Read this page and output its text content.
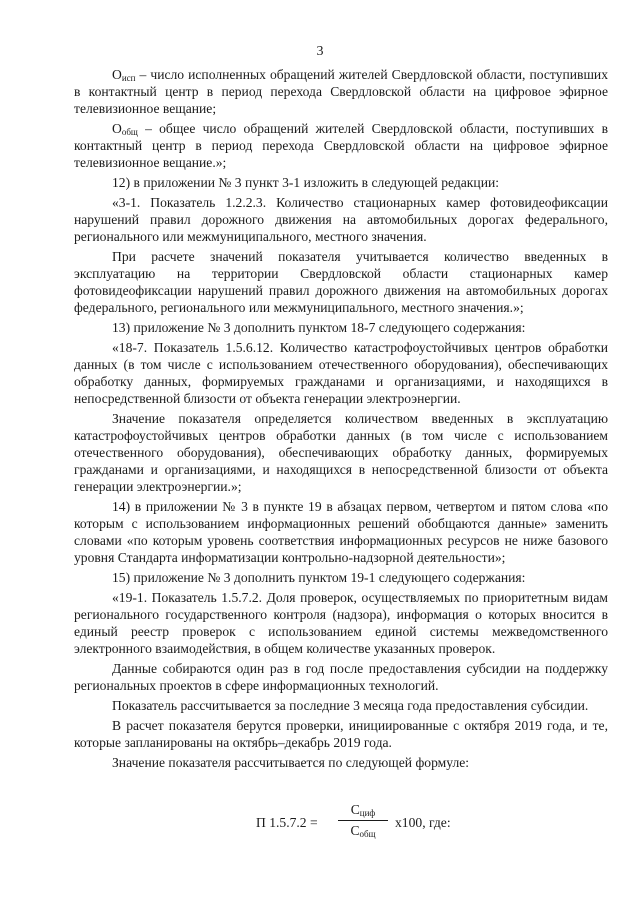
3

$О_{исп}$ – число исполненных обращений жителей Свердловской области, поступивших в контактный центр в период перехода Свердловской области на цифровое эфирное телевизионное вещание;

$О_{общ}$ – общее число обращений жителей Свердловской области, поступивших в контактный центр в период перехода Свердловской области на цифровое эфирное телевизионное вещание.»;

12) в приложении № 3 пункт 3-1 изложить в следующей редакции:

«3-1. Показатель 1.2.2.3. Количество стационарных камер фотовидеофиксации нарушений правил дорожного движения на автомобильных дорогах федерального, регионального или межмуниципального, местного значения.

При расчете значений показателя учитывается количество введенных в эксплуатацию на территории Свердловской области стационарных камер фотовидеофиксации нарушений правил дорожного движения на автомобильных дорогах федерального, регионального или межмуниципального, местного значения.»;

13) приложение № 3 дополнить пунктом 18-7 следующего содержания:

«18-7. Показатель 1.5.6.12. Количество катастрофоустойчивых центров обработки данных (в том числе с использованием отечественного оборудования), обеспечивающих обработку данных, формируемых гражданами и организациями, и находящихся в непосредственной близости от объекта генерации электроэнергии.

Значение показателя определяется количеством введенных в эксплуатацию катастрофоустойчивых центров обработки данных (в том числе с использованием отечественного оборудования), обеспечивающих обработку данных, формируемых гражданами и организациями, и находящихся в непосредственной близости от объекта генерации электроэнергии.»;

14) в приложении № 3 в пункте 19 в абзацах первом, четвертом и пятом слова «по которым с использованием информационных решений обобщаются данные» заменить словами «по которым уровень соответствия информационных ресурсов не ниже базового уровня Стандарта информатизации контрольно-надзорной деятельности»;

15) приложение № 3 дополнить пунктом 19-1 следующего содержания:

«19-1. Показатель 1.5.7.2. Доля проверок, осуществляемых по приоритетным видам регионального государственного контроля (надзора), информация о которых вносится в единый реестр проверок с использованием единой системы межведомственного электронного взаимодействия, в общем количестве указанных проверок.

Данные собираются один раз в год после предоставления субсидии на поддержку региональных проектов в сфере информационных технологий.

Показатель рассчитывается за последние 3 месяца года предоставления субсидии.

В расчет показателя берутся проверки, инициированные с октября 2019 года, и те, которые запланированы на октябрь–декабрь 2019 года.

Значение показателя рассчитывается по следующей формуле:

П 1.5.7.2 =
$С_{циф}$
$С_{общ}$
x100, где:
